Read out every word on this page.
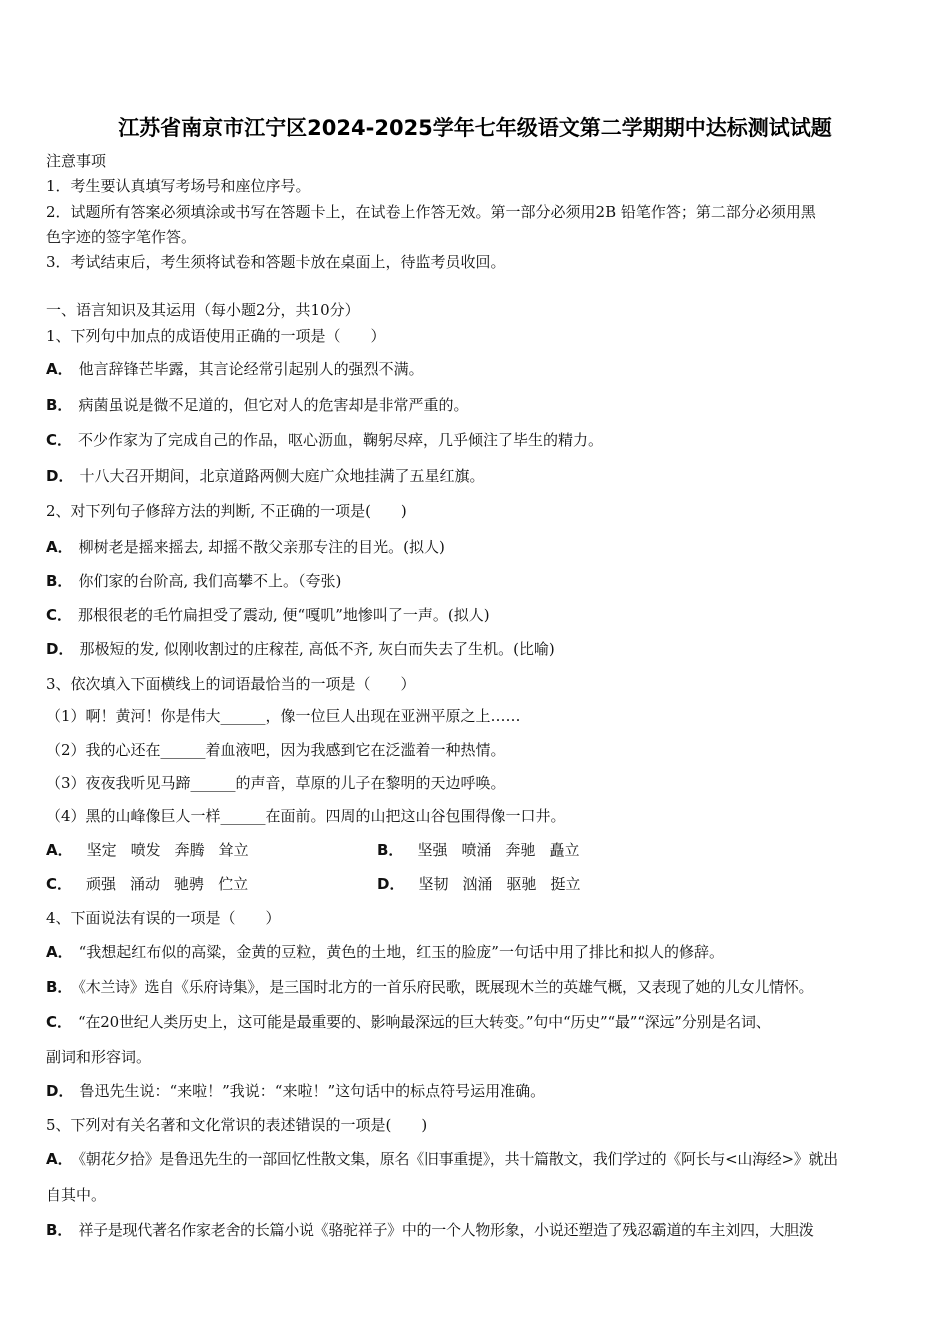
江苏省南京市江宁区2024-2025学年七年级语文第二学期期中达标测试试题
注意事项
1．考生要认真填写考场号和座位序号。
2．试题所有答案必须填涂或书写在答题卡上，在试卷上作答无效。第一部分必须用2B 铅笔作答；第二部分必须用黑
色字迹的签字笔作答。
3．考试结束后，考生须将试卷和答题卡放在桌面上，待监考员收回。
一、语言知识及其运用（每小题2分，共10分）
1、下列句中加点的成语使用正确的一项是（　　）
A． 他言辞锋芒毕露，其言论经常引起别人的强烈不满。
B． 病菌虽说是微不足道的，但它对人的危害却是非常严重的。
C． 不少作家为了完成自己的作品，呕心沥血，鞠躬尽瘁，几乎倾注了毕生的精力。
D． 十八大召开期间，北京道路两侧大庭广众地挂满了五星红旗。
2、对下列句子修辞方法的判断, 不正确的一项是(　　)
A． 柳树老是摇来摇去, 却摇不散父亲那专注的目光。(拟人)
B． 你们家的台阶高, 我们高攀不上。（夸张)
C． 那根很老的毛竹扁担受了震动, 便“嘎叽”地惨叫了一声。(拟人)
D． 那极短的发, 似刚收割过的庄稼茬, 高低不齐, 灰白而失去了生机。(比喻)
3、依次填入下面横线上的词语最恰当的一项是（　　）
（1）啊！黄河！你是伟大______，像一位巨人出现在亚洲平原之上……
（2）我的心还在______着血液吧，因为我感到它在泛滥着一种热情。
（3）夜夜我听见马蹄______的声音，草原的儿子在黎明的天边呼唤。
（4）黑的山峰像巨人一样______在面前。四周的山把这山谷包围得像一口井。
A． 坚定 喷发 奔腾 耸立	B． 坚强 喷涌 奔驰 矗立
C． 顽强 涌动 驰骋 伫立	D． 坚韧 汹涌 驱驰 挺立
4、下面说法有误的一项是（　　）
A． “我想起红布似的高粱，金黄的豆粒，黄色的土地，红玉的脸庞”一句话中用了排比和拟人的修辞。
B． 《木兰诗》选自《乐府诗集》，是三国时北方的一首乐府民歌，既展现木兰的英雄气概，又表现了她的儿女儿情怀。
C． “在20世纪人类历史上，这可能是最重要的、影响最深远的巨大转变。”句中“历史”“最”“深远”分别是名词、
副词和形容词。
D． 鲁迅先生说：“来啦！”我说：“来啦！”这句话中的标点符号运用准确。
5、下列对有关名著和文化常识的表述错误的一项是(　　)
A． 《朝花夕拾》是鲁迅先生的一部回忆性散文集，原名《旧事重提》，共十篇散文，我们学过的《阿长与<山海经>》就出
自其中。
B． 祥子是现代著名作家老舍的长篇小说《骆驼祥子》中的一个人物形象，小说还塑造了残忍霸道的车主刘四，大胆泼
